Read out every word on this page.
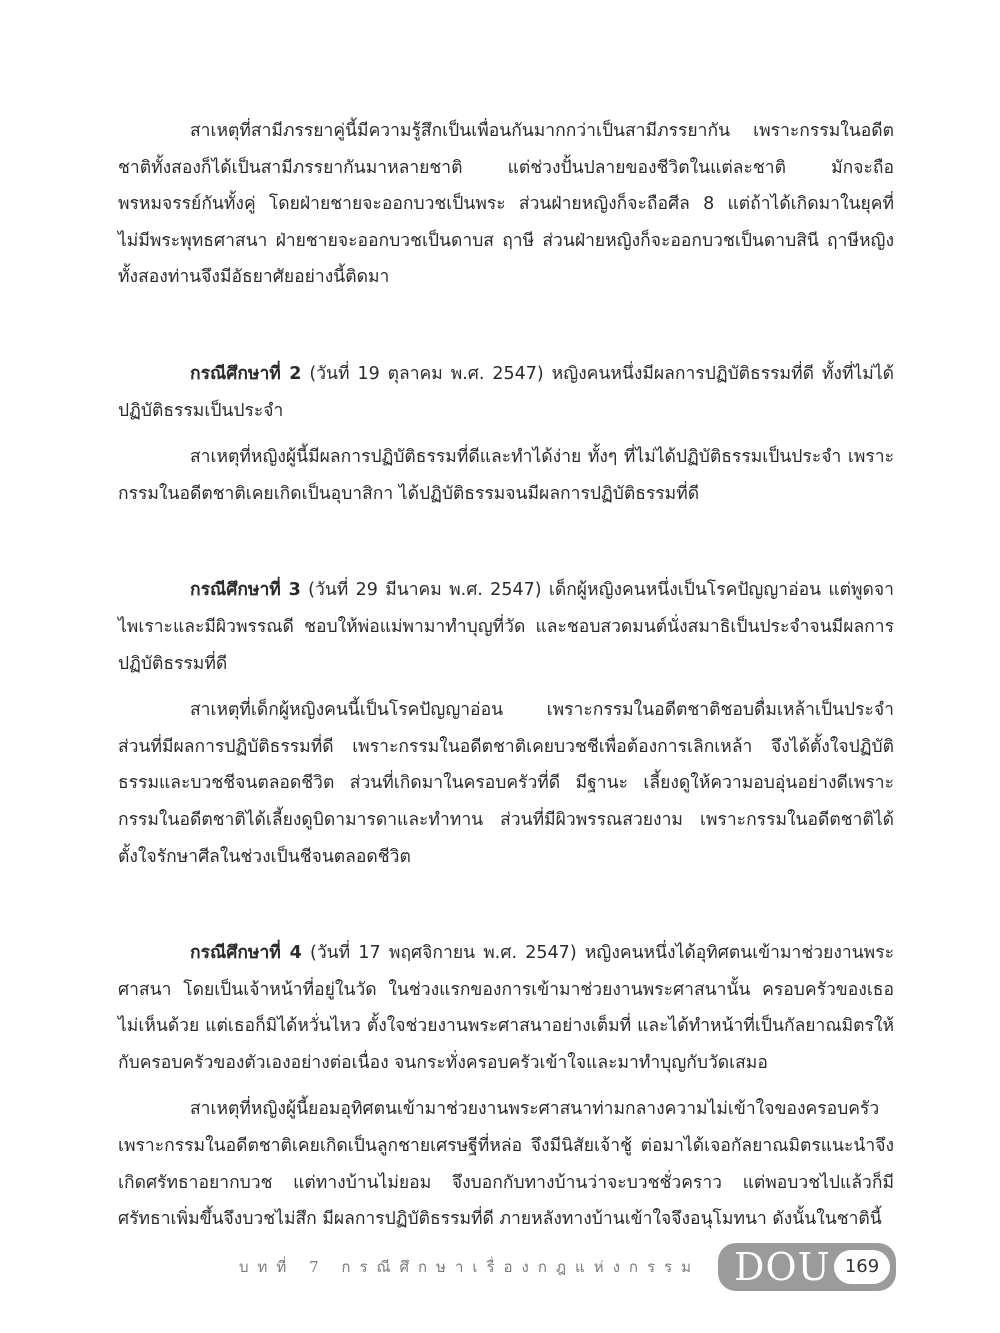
สาเหตุที่สามีภรรยาคู่นี้มีความรู้สึกเป็นเพื่อนกันมากกว่าเป็นสามีภรรยากัน เพราะกรรมในอดีตชาติทั้งสองก็ได้เป็นสามีภรรยากันมาหลายชาติ แต่ช่วงปั้นปลายของชีวิตในแต่ละชาติ มักจะถือพรหมจรรย์กันทั้งคู่ โดยฝ่ายชายจะออกบวชเป็นพระ ส่วนฝ่ายหญิงก็จะถือศีล 8 แต่ถ้าได้เกิดมาในยุคที่ไม่มีพระพุทธศาสนา ฝ่ายชายจะออกบวชเป็นดาบส ฤาษี ส่วนฝ่ายหญิงก็จะออกบวชเป็นดาบสินี ฤาษีหญิง ทั้งสองท่านจึงมีอัธยาศัยอย่างนี้ติดมา

กรณีศึกษาที่ 2 (วันที่ 19 ตุลาคม พ.ศ. 2547) หญิงคนหนึ่งมีผลการปฏิบัติธรรมที่ดี ทั้งที่ไม่ได้ปฏิบัติธรรมเป็นประจำ

สาเหตุที่หญิงผู้นี้มีผลการปฏิบัติธรรมที่ดีและทำได้ง่าย ทั้งๆ ที่ไม่ได้ปฏิบัติธรรมเป็นประจำ เพราะกรรมในอดีตชาติเคยเกิดเป็นอุบาสิกา ได้ปฏิบัติธรรมจนมีผลการปฏิบัติธรรมที่ดี

กรณีศึกษาที่ 3 (วันที่ 29 มีนาคม พ.ศ. 2547) เด็กผู้หญิงคนหนึ่งเป็นโรคปัญญาอ่อน แต่พูดจาไพเราะและมีผิวพรรณดี ชอบให้พ่อแม่พามาทำบุญที่วัด และชอบสวดมนต์นั่งสมาธิเป็นประจำจนมีผลการปฏิบัติธรรมที่ดี

สาเหตุที่เด็กผู้หญิงคนนี้เป็นโรคปัญญาอ่อน เพราะกรรมในอดีตชาติชอบดื่มเหล้าเป็นประจำ ส่วนที่มีผลการปฏิบัติธรรมที่ดี เพราะกรรมในอดีตชาติเคยบวชชีเพื่อต้องการเลิกเหล้า จึงได้ตั้งใจปฏิบัติธรรมและบวชชีจนตลอดชีวิต ส่วนที่เกิดมาในครอบครัวที่ดี มีฐานะ เลี้ยงดูให้ความอบอุ่นอย่างดีเพราะกรรมในอดีตชาติได้เลี้ยงดูบิดามารดาและทำทาน ส่วนที่มีผิวพรรณสวยงาม เพราะกรรมในอดีตชาติได้ตั้งใจรักษาศีลในช่วงเป็นชีจนตลอดชีวิต

กรณีศึกษาที่ 4 (วันที่ 17 พฤศจิกายน พ.ศ. 2547) หญิงคนหนึ่งได้อุทิศตนเข้ามาช่วยงานพระศาสนา โดยเป็นเจ้าหน้าที่อยู่ในวัด ในช่วงแรกของการเข้ามาช่วยงานพระศาสนานั้น ครอบครัวของเธอไม่เห็นด้วย แต่เธอก็มิได้หวั่นไหว ตั้งใจช่วยงานพระศาสนาอย่างเต็มที่ และได้ทำหน้าที่เป็นกัลยาณมิตรให้กับครอบครัวของตัวเองอย่างต่อเนื่อง จนกระทั่งครอบครัวเข้าใจและมาทำบุญกับวัดเสมอ

สาเหตุที่หญิงผู้นี้ยอมอุทิศตนเข้ามาช่วยงานพระศาสนาท่ามกลางความไม่เข้าใจของครอบครัว เพราะกรรมในอดีตชาติเคยเกิดเป็นลูกชายเศรษฐีที่หล่อ จึงมีนิสัยเจ้าชู้ ต่อมาได้เจอกัลยาณมิตรแนะนำจึงเกิดศรัทธาอยากบวช แต่ทางบ้านไม่ยอม จึงบอกกับทางบ้านว่าจะบวชชั่วคราว แต่พอบวชไปแล้วก็มีศรัทธาเพิ่มขึ้นจึงบวชไม่สึก มีผลการปฏิบัติธรรมที่ดี ภายหลังทางบ้านเข้าใจจึงอนุโมทนา ดังนั้นในชาตินี้

บทที่ 7 กรณีศึกษาเรื่องกฎแห่งกรรม DOU 169
